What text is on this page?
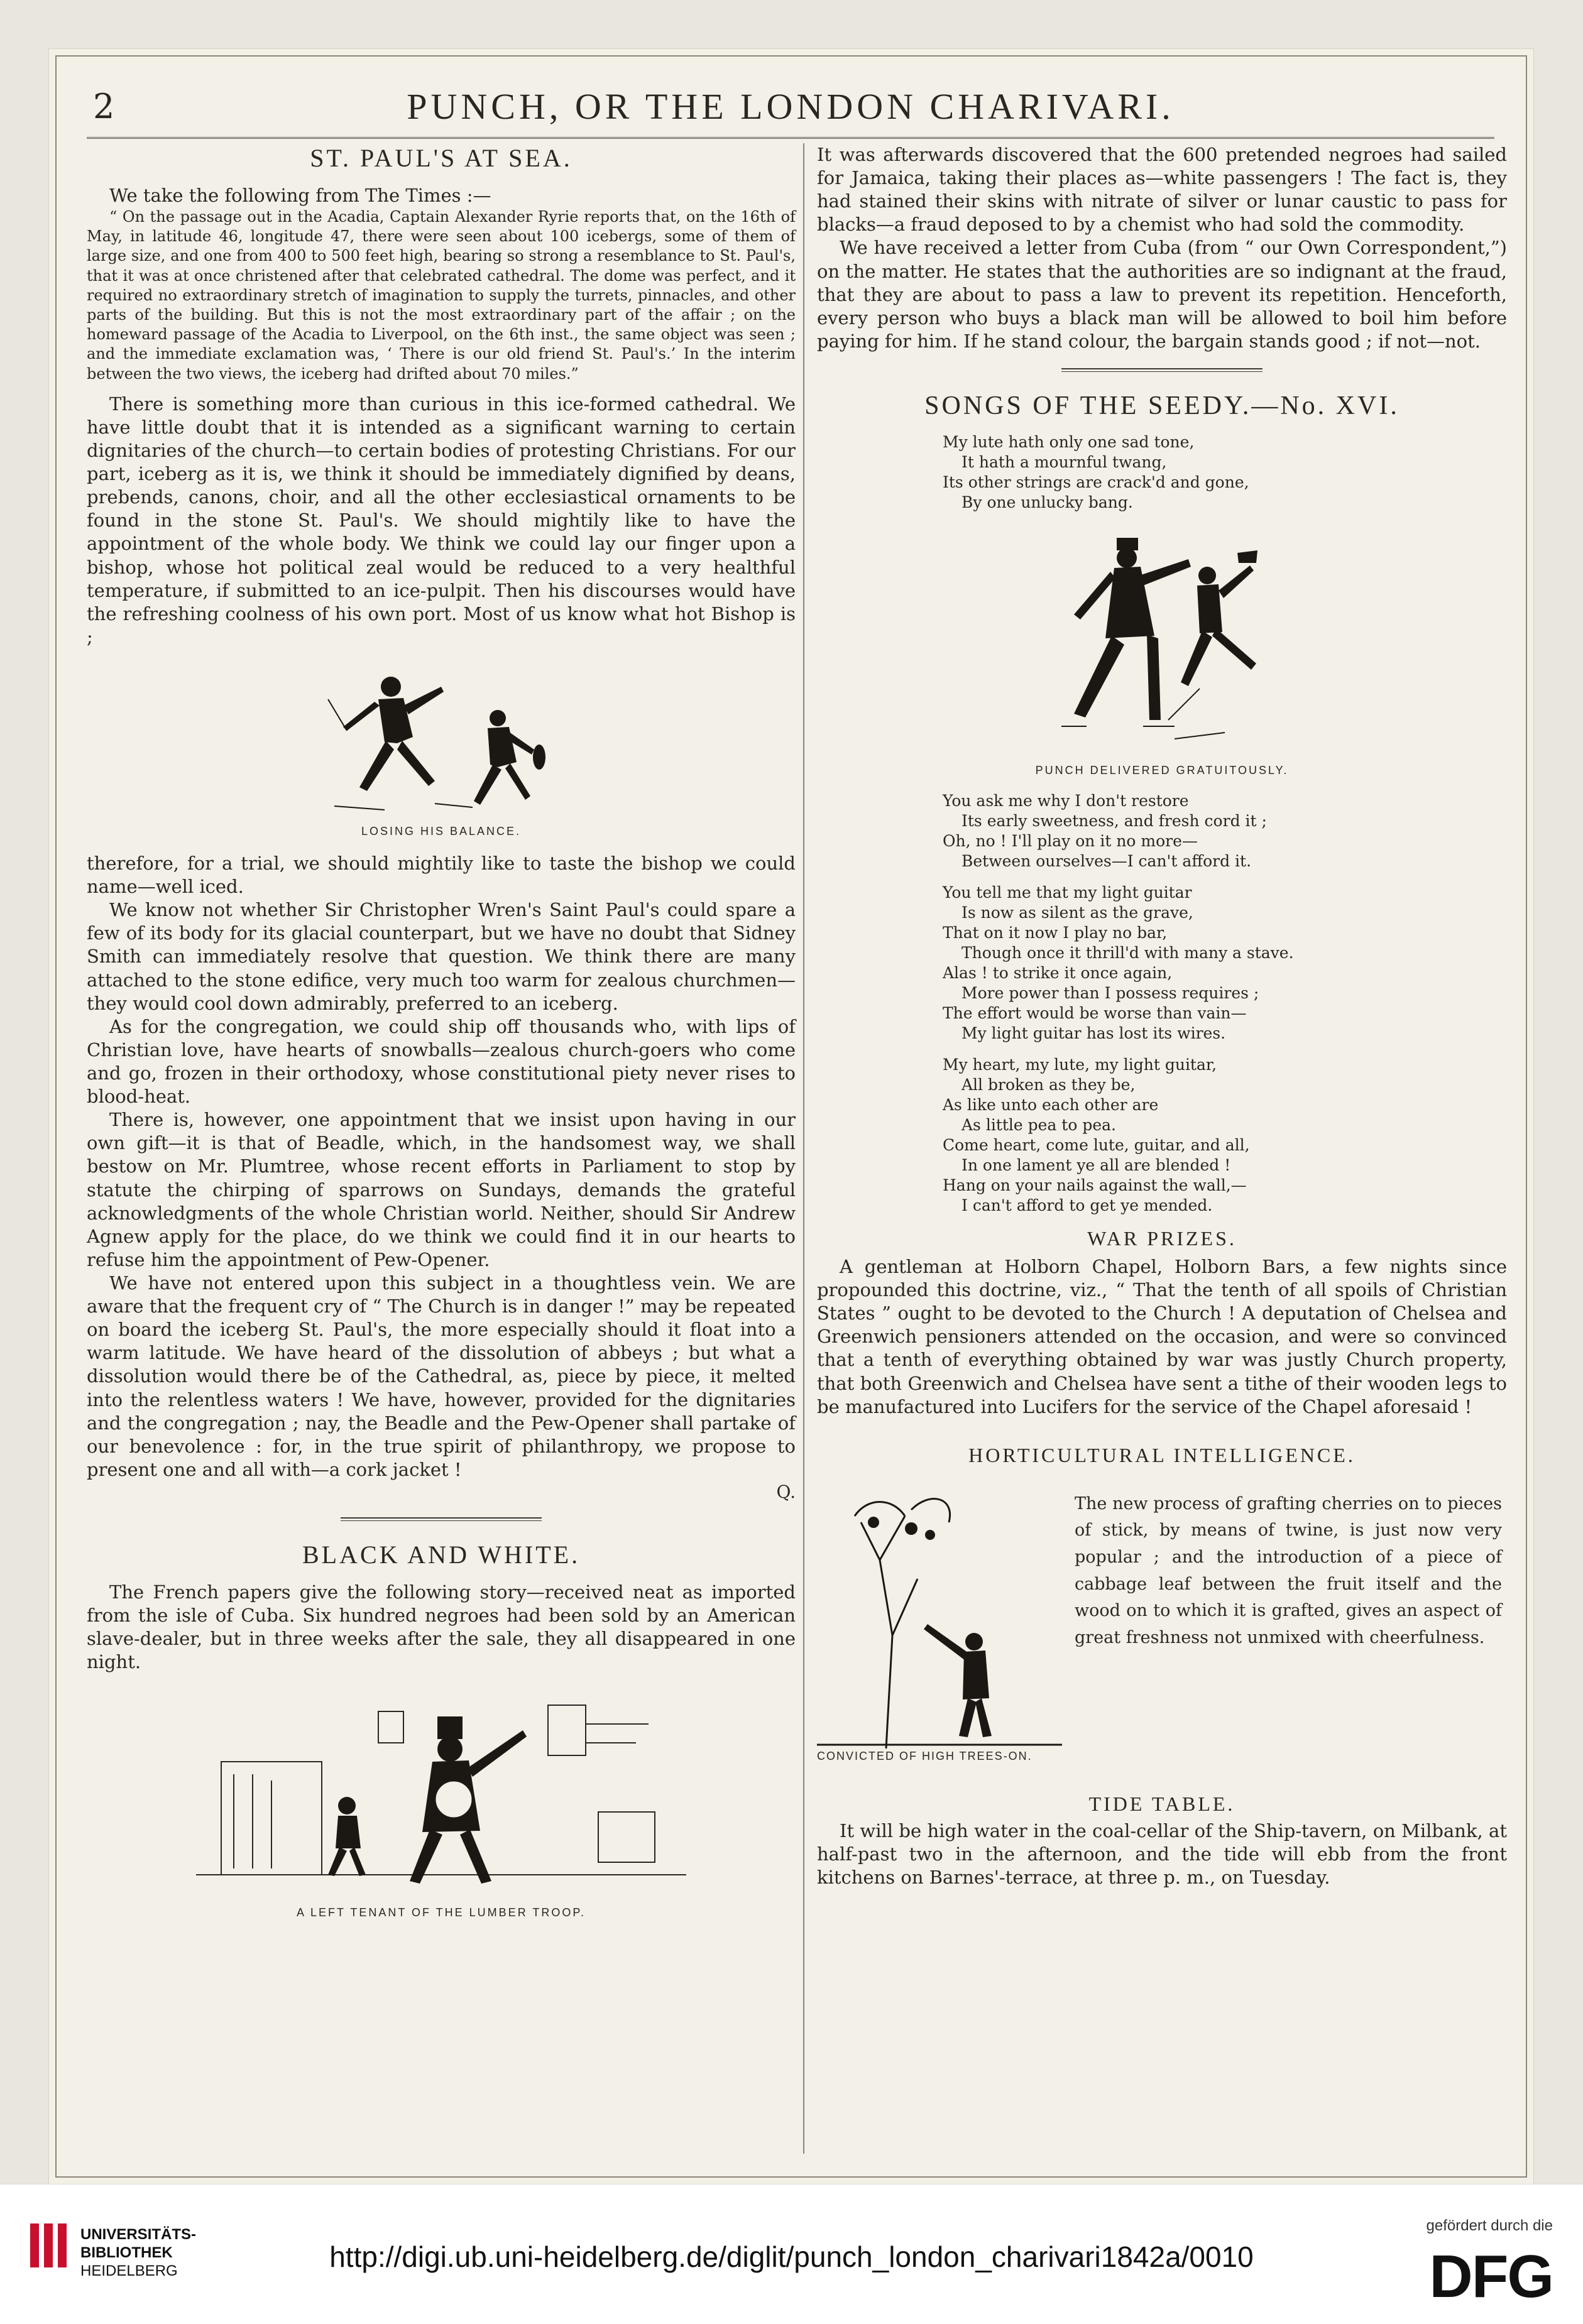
2	PUNCH, OR THE LONDON CHARIVARI.
ST. PAUL'S AT SEA.

We take the following from The Times :—

“ On the passage out in the Acadia, Captain Alexander Ryrie reports that, on the 16th of May, in latitude 46, longitude 47, there were seen about 100 icebergs, some of them of large size, and one from 400 to 500 feet high, bearing so strong a resemblance to St. Paul's, that it was at once christened after that celebrated cathedral. The dome was perfect, and it required no extraordinary stretch of imagination to supply the turrets, pinnacles, and other parts of the building. But this is not the most extraordinary part of the affair ; on the homeward passage of the Acadia to Liverpool, on the 6th inst., the same object was seen ; and the immediate exclamation was, ‘ There is our old friend St. Paul's.’ In the interim between the two views, the iceberg had drifted about 70 miles.”

There is something more than curious in this ice-formed cathedral. We have little doubt that it is intended as a significant warning to certain dignitaries of the church—to certain bodies of protesting Christians. For our part, iceberg as it is, we think it should be immediately dignified by deans, prebends, canons, choir, and all the other ecclesiastical ornaments to be found in the stone St. Paul's. We should mightily like to have the appointment of the whole body. We think we could lay our finger upon a bishop, whose hot political zeal would be reduced to a very healthful temperature, if submitted to an ice-pulpit. Then his discourses would have the refreshing coolness of his own port. Most of us know what hot Bishop is ;

LOSING HIS BALANCE.

therefore, for a trial, we should mightily like to taste the bishop we could name—well iced.

We know not whether Sir Christopher Wren's Saint Paul's could spare a few of its body for its glacial counterpart, but we have no doubt that Sidney Smith can immediately resolve that question. We think there are many attached to the stone edifice, very much too warm for zealous churchmen—they would cool down admirably, preferred to an iceberg.

As for the congregation, we could ship off thousands who, with lips of Christian love, have hearts of snowballs—zealous church-goers who come and go, frozen in their orthodoxy, whose constitutional piety never rises to blood-heat.

There is, however, one appointment that we insist upon having in our own gift—it is that of Beadle, which, in the handsomest way, we shall bestow on Mr. Plumtree, whose recent efforts in Parliament to stop by statute the chirping of sparrows on Sundays, demands the grateful acknowledgments of the whole Christian world. Neither, should Sir Andrew Agnew apply for the place, do we think we could find it in our hearts to refuse him the appointment of Pew-Opener.

We have not entered upon this subject in a thoughtless vein. We are aware that the frequent cry of “ The Church is in danger !” may be repeated on board the iceberg St. Paul's, the more especially should it float into a warm latitude. We have heard of the dissolution of abbeys ; but what a dissolution would there be of the Cathedral, as, piece by piece, it melted into the relentless waters ! We have, however, provided for the dignitaries and the congregation ; nay, the Beadle and the Pew-Opener shall partake of our benevolence : for, in the true spirit of philanthropy, we propose to present one and all with—a cork jacket !

Q.
BLACK AND WHITE.

The French papers give the following story—received neat as imported from the isle of Cuba. Six hundred negroes had been sold by an American slave-dealer, but in three weeks after the sale, they all disappeared in one night.

A LEFT TENANT OF THE LUMBER TROOP.

It was afterwards discovered that the 600 pretended negroes had sailed for Jamaica, taking their places as—white passengers ! The fact is, they had stained their skins with nitrate of silver or lunar caustic to pass for blacks—a fraud deposed to by a chemist who had sold the commodity.

We have received a letter from Cuba (from “ our Own Correspondent,”) on the matter. He states that the authorities are so indignant at the fraud, that they are about to pass a law to prevent its repetition. Henceforth, every person who buys a black man will be allowed to boil him before paying for him. If he stand colour, the bargain stands good ; if not—not.

SONGS OF THE SEEDY.—No. XVI.
My lute hath only one sad tone,
It hath a mournful twang,
Its other strings are crack'd and gone,
By one unlucky bang.
PUNCH DELIVERED GRATUITOUSLY.
You ask me why I don't restore
Its early sweetness, and fresh cord it ;
Oh, no ! I'll play on it no more—
Between ourselves—I can't afford it.
You tell me that my light guitar
Is now as silent as the grave,
That on it now I play no bar,
Though once it thrill'd with many a stave.
Alas ! to strike it once again,
More power than I possess requires ;
The effort would be worse than vain—
My light guitar has lost its wires.
My heart, my lute, my light guitar,
All broken as they be,
As like unto each other are
As little pea to pea.
Come heart, come lute, guitar, and all,
In one lament ye all are blended !
Hang on your nails against the wall,—
I can't afford to get ye mended.
WAR PRIZES.

A gentleman at Holborn Chapel, Holborn Bars, a few nights since propounded this doctrine, viz., “ That the tenth of all spoils of Christian States ” ought to be devoted to the Church ! A deputation of Chelsea and Greenwich pensioners attended on the occasion, and were so convinced that a tenth of everything obtained by war was justly Church property, that both Greenwich and Chelsea have sent a tithe of their wooden legs to be manufactured into Lucifers for the service of the Chapel aforesaid !

HORTICULTURAL INTELLIGENCE.
The new process of grafting cherries on to pieces of stick, by means of twine, is just now very popular ; and the introduction of a piece of cabbage leaf between the fruit itself and the wood on to which it is grafted, gives an aspect of great freshness not unmixed with cheerfulness.
CONVICTED OF HIGH TREES-ON.
TIDE TABLE.

It will be high water in the coal-cellar of the Ship-tavern, on Milbank, at half-past two in the afternoon, and the tide will ebb from the front kitchens on Barnes'-terrace, at three p. m., on Tuesday.

UNIVERSITÄTS-
BIBLIOTHEK
HEIDELBERG	http://digi.ub.uni-heidelberg.de/diglit/punch_london_charivari1842a/0010
gefördert durch die
DFG
